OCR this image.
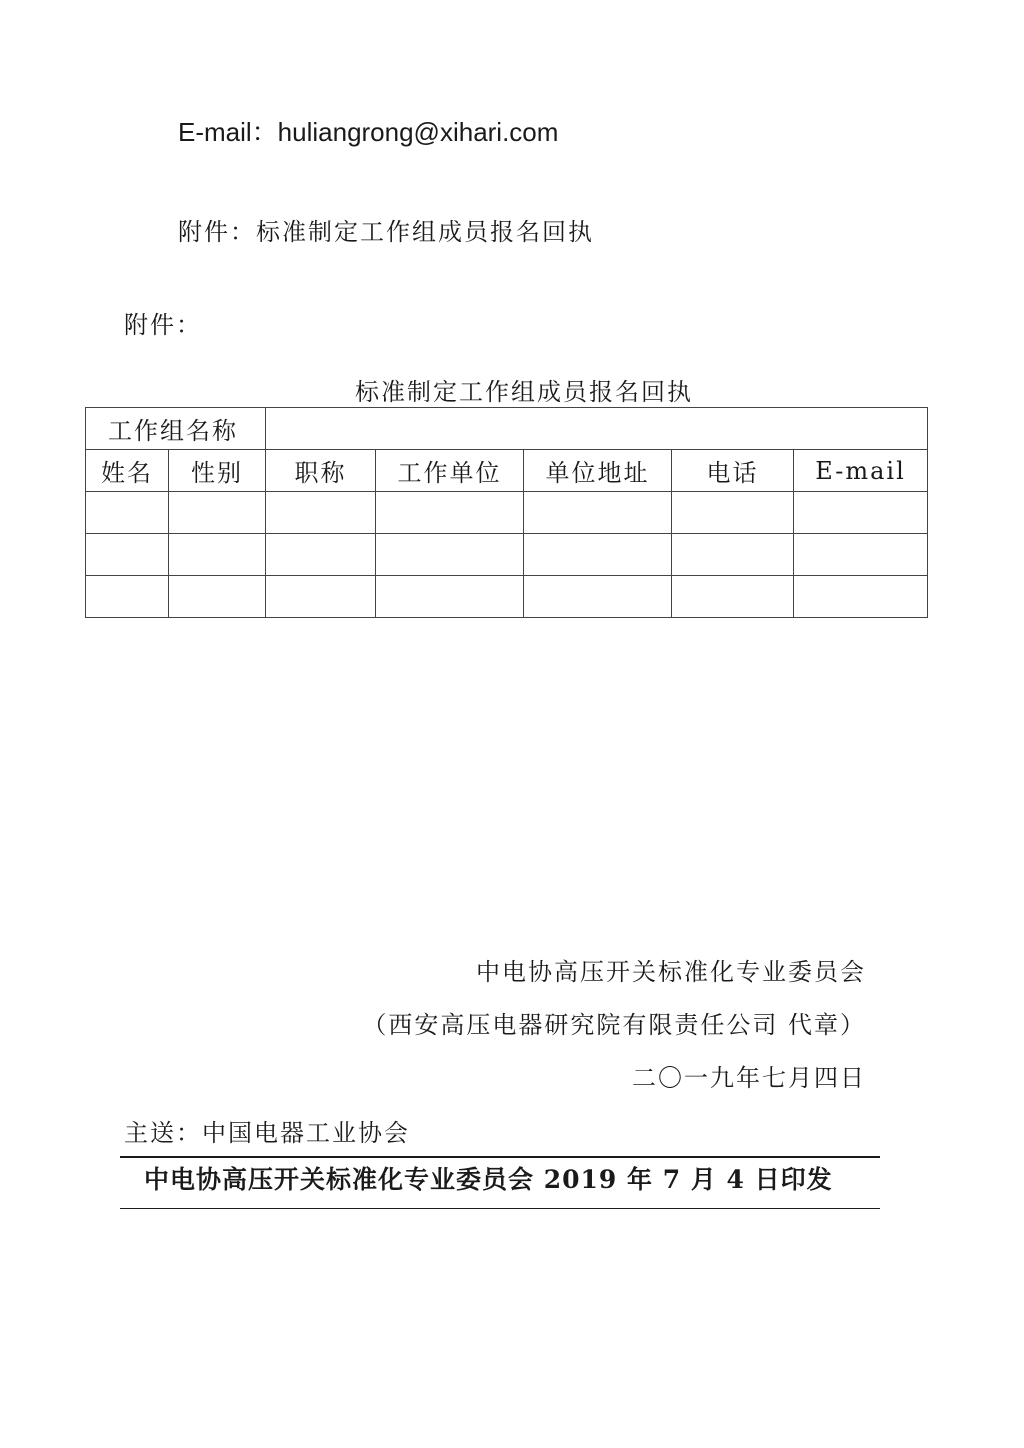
E-mail：huliangrong@xihari.com
附件：标准制定工作组成员报名回执
附件：
标准制定工作组成员报名回执
工作组名称						
姓名	性别	职称	工作单位	单位地址	电话	E-mail

中电协高压开关标准化专业委员会
（西安高压电器研究院有限责任公司 代章）
二〇一九年七月四日
主送：中国电器工业协会
中电协高压开关标准化专业委员会 2019 年 7 月 4 日印发
